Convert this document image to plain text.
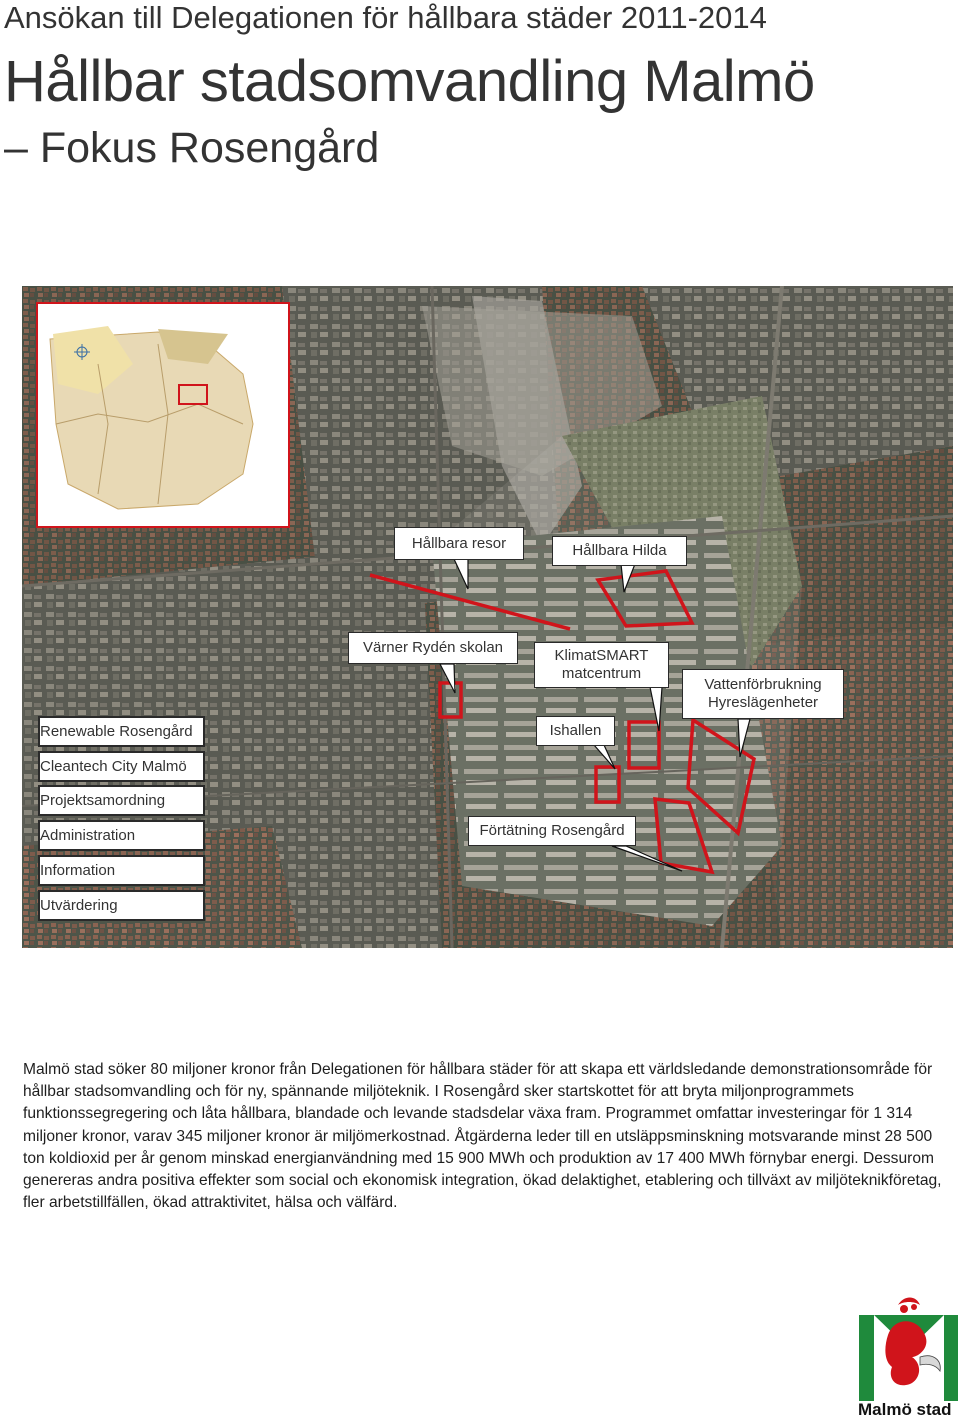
Ansökan till Delegationen för hållbara städer 2011-2014
Hållbar stadsomvandling Malmö
– Fokus Rosengård
Hållbara resor	Hållbara Hilda
Värner Rydén skolan	KlimatSMART
matcentrum
Vattenförbrukning
Hyreslägenheter
Ishallen
Förtätning Rosengård
Renewable Rosengård
Cleantech City Malmö
Projektsamordning
Administration
Information
Utvärdering

Malmö stad söker 80 miljoner kronor från Delegationen för hållbara städer för att skapa ett världsledande demonstrationsområde för hållbar stadsomvandling och för ny, spännande miljöteknik. I Rosengård sker startskottet för att bryta miljonprogrammets funktionssegregering och låta hållbara, blandade och levande stadsdelar växa fram. Programmet omfattar investeringar för 1 314 miljoner kronor, varav 345 miljoner kronor är miljömerkostnad. Åtgärderna leder till en utsläppsminskning motsvarande minst 28 500 ton koldioxid per år genom minskad energianvändning med 15 900 MWh och produktion av 17 400 MWh förnybar energi. Dessurom genereras andra positiva effekter som social och ekonomisk integration, ökad delaktighet, etablering och tillväxt av miljöteknikföretag, fler arbetstillfällen, ökad attraktivitet, hälsa och välfärd.

Malmö stad
